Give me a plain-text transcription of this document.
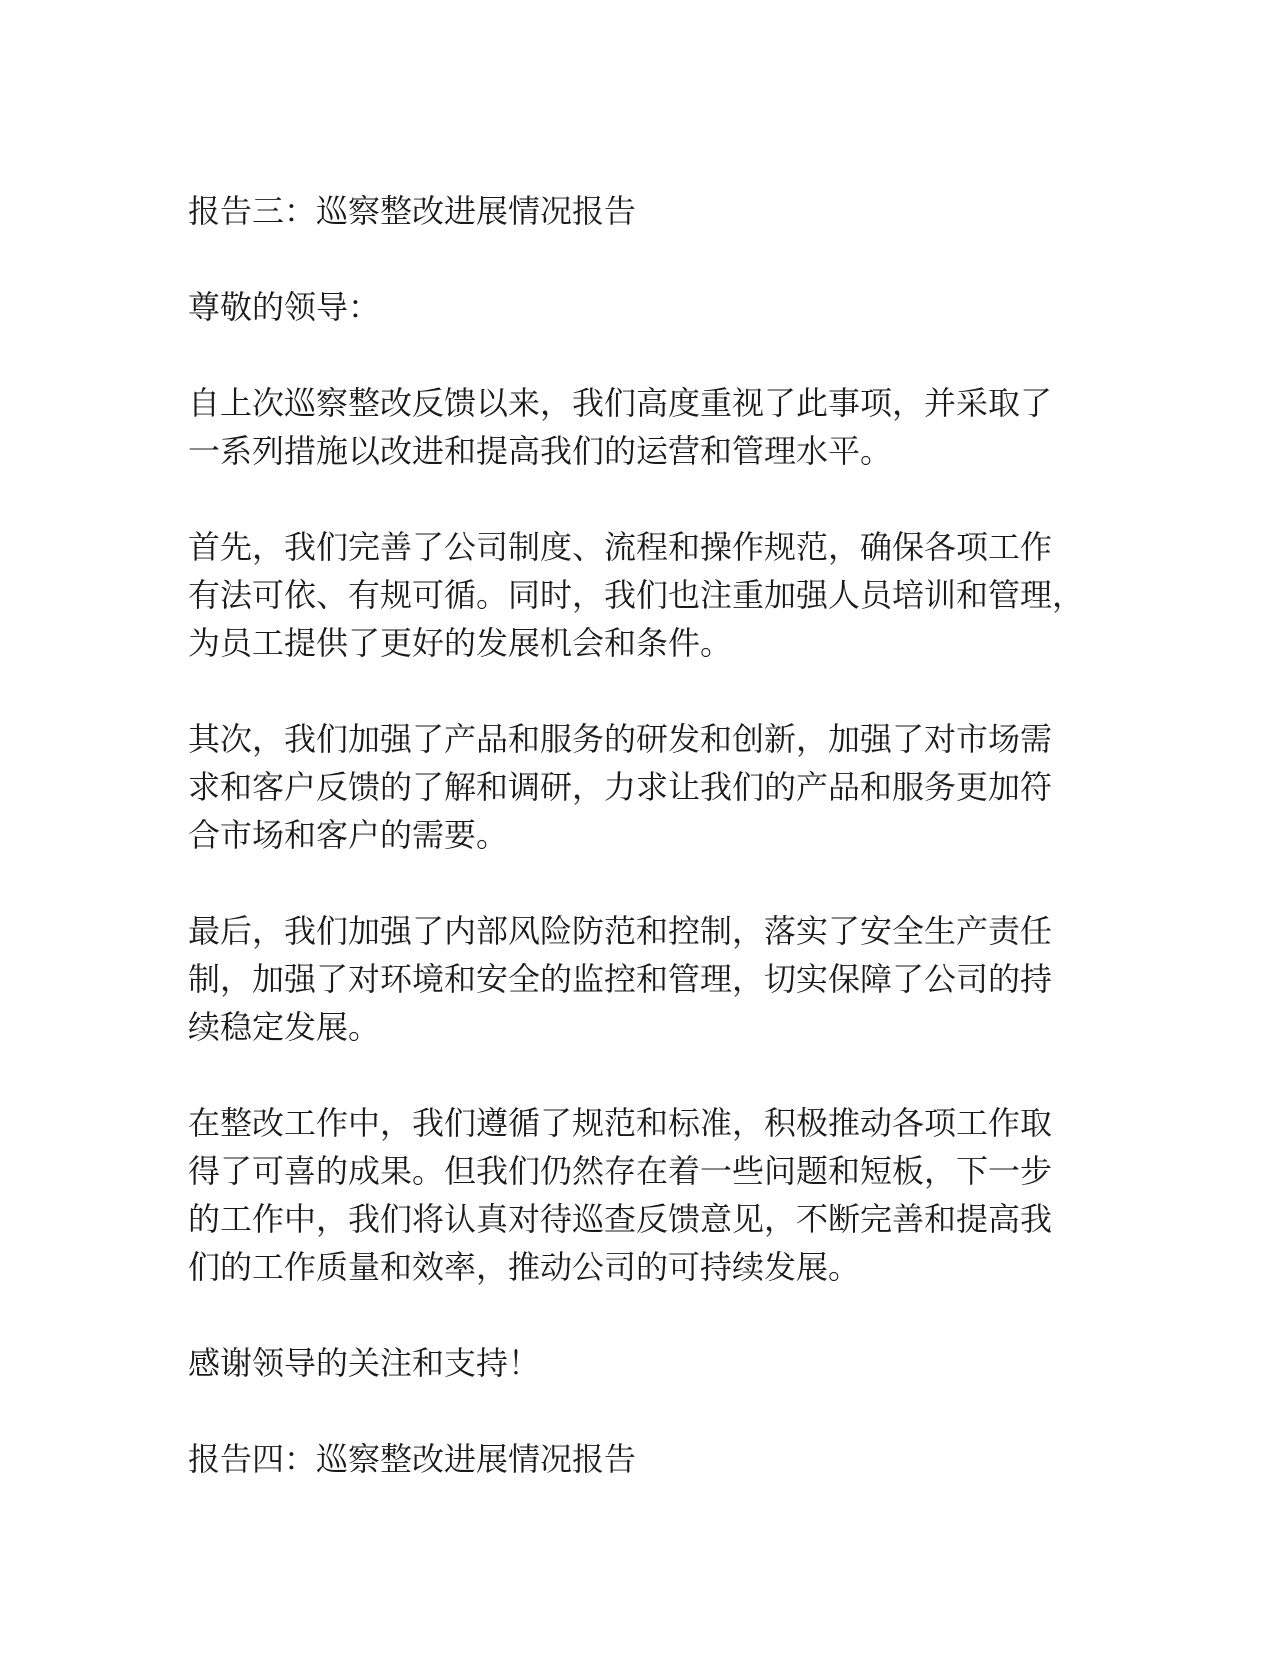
报告三：巡察整改进展情况报告

尊敬的领导：

自上次巡察整改反馈以来，我们高度重视了此事项，并采取了
一系列措施以改进和提高我们的运营和管理水平。

首先，我们完善了公司制度、流程和操作规范，确保各项工作
有法可依、有规可循。同时，我们也注重加强人员培训和管理，
为员工提供了更好的发展机会和条件。

其次，我们加强了产品和服务的研发和创新，加强了对市场需
求和客户反馈的了解和调研，力求让我们的产品和服务更加符
合市场和客户的需要。

最后，我们加强了内部风险防范和控制，落实了安全生产责任
制，加强了对环境和安全的监控和管理，切实保障了公司的持
续稳定发展。

在整改工作中，我们遵循了规范和标准，积极推动各项工作取
得了可喜的成果。但我们仍然存在着一些问题和短板，下一步
的工作中，我们将认真对待巡查反馈意见，不断完善和提高我
们的工作质量和效率，推动公司的可持续发展。

感谢领导的关注和支持！

报告四：巡察整改进展情况报告
